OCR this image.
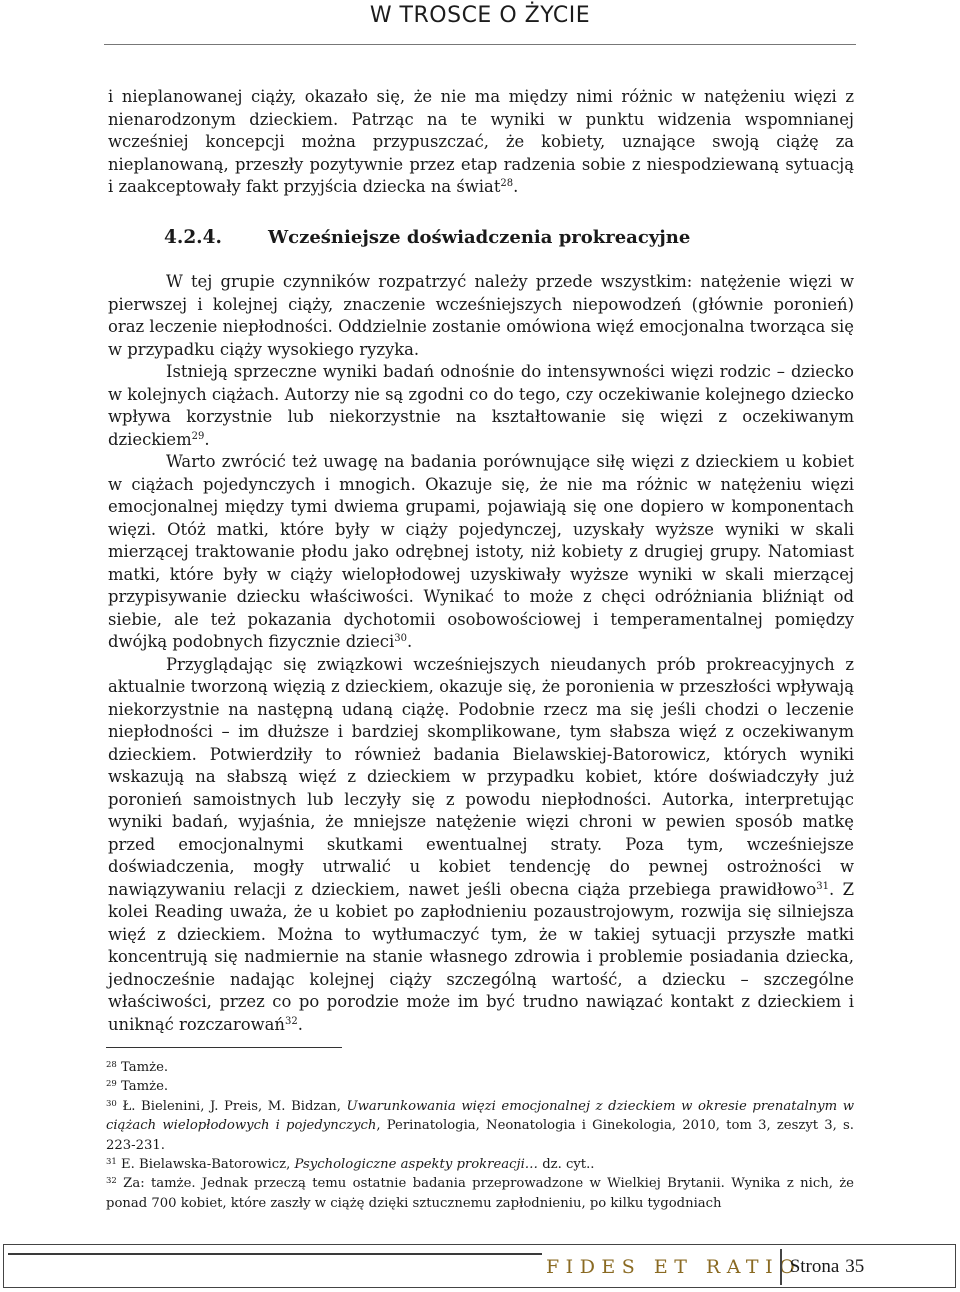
W TROSCE O ŻYCIE

i nieplanowanej ciąży, okazało się, że nie ma między nimi różnic w natężeniu więzi z nienarodzonym dzieckiem. Patrząc na te wyniki w punktu widzenia wspomnianej wcześniej koncepcji można przypuszczać, że kobiety, uznające swoją ciążę za nieplanowaną, przeszły pozytywnie przez etap radzenia sobie z niespodziewaną sytuacją i zaakceptowały fakt przyjścia dziecka na świat$^{28}$.

4.2.4.	Wcześniejsze doświadczenia prokreacyjne

W tej grupie czynników rozpatrzyć należy przede wszystkim: natężenie więzi w pierwszej i kolejnej ciąży, znaczenie wcześniejszych niepowodzeń (głównie poronień) oraz leczenie niepłodności. Oddzielnie zostanie omówiona więź emocjonalna tworząca się w przypadku ciąży wysokiego ryzyka.

Istnieją sprzeczne wyniki badań odnośnie do intensywności więzi rodzic – dziecko w kolejnych ciążach. Autorzy nie są zgodni co do tego, czy oczekiwanie kolejnego dziecko wpływa korzystnie lub niekorzystnie na kształtowanie się więzi z oczekiwanym dzieckiem$^{29}$.

Warto zwrócić też uwagę na badania porównujące siłę więzi z dzieckiem u kobiet w ciążach pojedynczych i mnogich. Okazuje się, że nie ma różnic w natężeniu więzi emocjonalnej między tymi dwiema grupami, pojawiają się one dopiero w komponentach więzi. Otóż matki, które były w ciąży pojedynczej, uzyskały wyższe wyniki w skali mierzącej traktowanie płodu jako odrębnej istoty, niż kobiety z drugiej grupy. Natomiast matki, które były w ciąży wielopłodowej uzyskiwały wyższe wyniki w skali mierzącej przypisywanie dziecku właściwości. Wynikać to może z chęci odróżniania bliźniąt od siebie, ale też pokazania dychotomii osobowościowej i temperamentalnej pomiędzy dwójką podobnych fizycznie dzieci$^{30}$.

Przyglądając się związkowi wcześniejszych nieudanych prób prokreacyjnych z aktualnie tworzoną więzią z dzieckiem, okazuje się, że poronienia w przeszłości wpływają niekorzystnie na następną udaną ciążę. Podobnie rzecz ma się jeśli chodzi o leczenie niepłodności – im dłuższe i bardziej skomplikowane, tym słabsza więź z oczekiwanym dzieckiem. Potwierdziły to również badania Bielawskiej-Batorowicz, których wyniki wskazują na słabszą więź z dzieckiem w przypadku kobiet, które doświadczyły już poronień samoistnych lub leczyły się z powodu niepłodności. Autorka, interpretując wyniki badań, wyjaśnia, że mniejsze natężenie więzi chroni w pewien sposób matkę przed emocjonalnymi skutkami ewentualnej straty. Poza tym, wcześniejsze doświadczenia, mogły utrwalić u kobiet tendencję do pewnej ostrożności w nawiązywaniu relacji z dzieckiem, nawet jeśli obecna ciąża przebiega prawidłowo$^{31}$. Z kolei Reading uważa, że u kobiet po zapłodnieniu pozaustrojowym, rozwija się silniejsza więź z dzieckiem. Można to wytłumaczyć tym, że w takiej sytuacji przyszłe matki koncentrują się nadmiernie na stanie własnego zdrowia i problemie posiadania dziecka, jednocześnie nadając kolejnej ciąży szczególną wartość, a dziecku – szczególne właściwości, przez co po porodzie może im być trudno nawiązać kontakt z dzieckiem i uniknąć rozczarowań$^{32}$.

$^{28}$ Tamże.

$^{29}$ Tamże.

$^{30}$ Ł. Bielenini, J. Preis, M. Bidzan, Uwarunkowania więzi emocjonalnej z dzieckiem w okresie prenatalnym w ciążach wielopłodowych i pojedynczych, Perinatologia, Neonatologia i Ginekologia, 2010, tom 3, zeszyt 3, s. 223-231.

$^{31}$ E. Bielawska-Batorowicz, Psychologiczne aspekty prokreacji… dz. cyt..

$^{32}$ Za: tamże. Jednak przeczą temu ostatnie badania przeprowadzone w Wielkiej Brytanii. Wynika z nich, że ponad 700 kobiet, które zaszły w ciążę dzięki sztucznemu zapłodnieniu, po kilku tygodniach

FIDES ET RATIO
Strona 35
